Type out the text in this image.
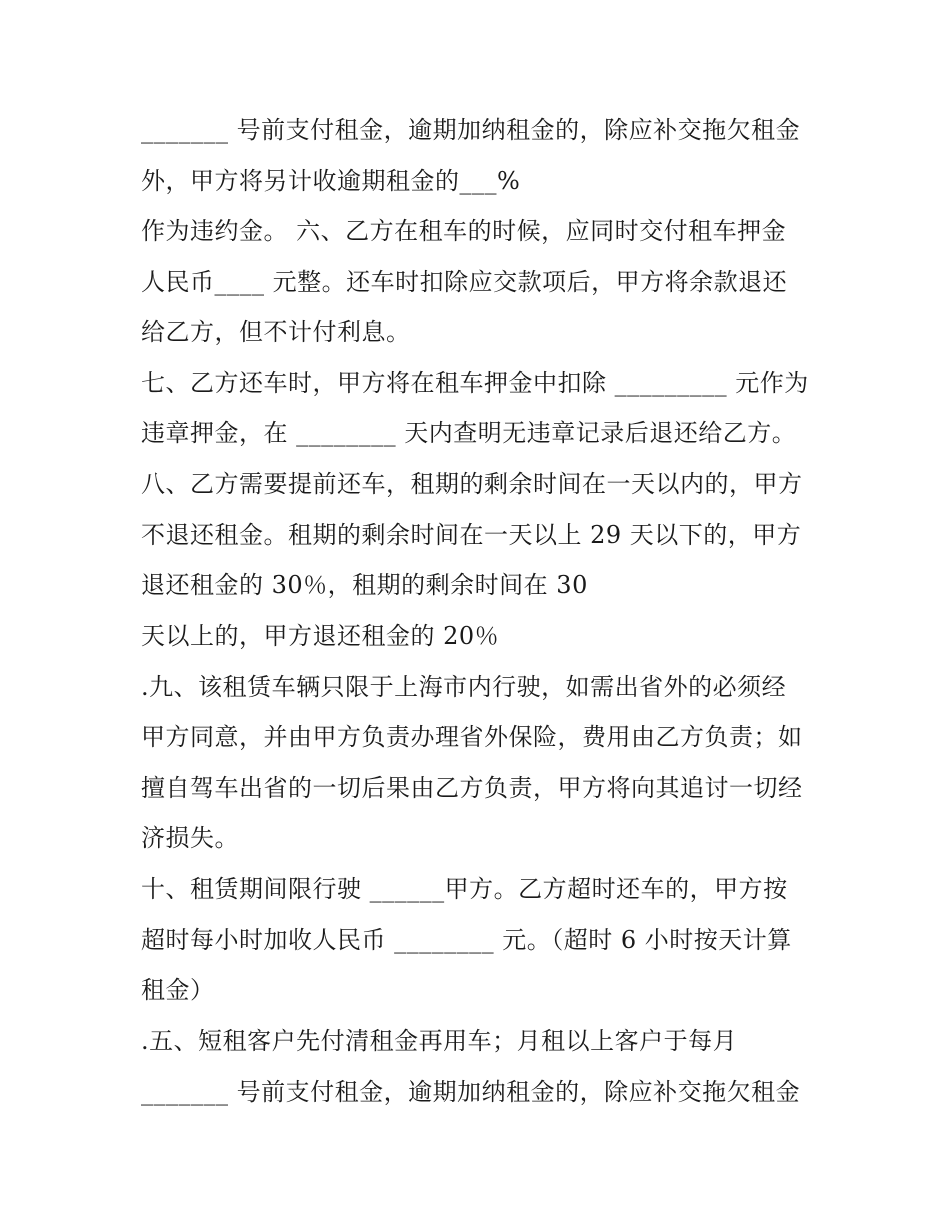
_______ 号前支付租金，逾期加纳租金的，除应补交拖欠租金
外，甲方将另计收逾期租金的___%
作为违约金。 六、乙方在租车的时候，应同时交付租车押金
人民币____ 元整。还车时扣除应交款项后，甲方将余款退还
给乙方，但不计付利息。
七、乙方还车时，甲方将在租车押金中扣除 _________ 元作为
违章押金，在 ________ 天内查明无违章记录后退还给乙方。
八、乙方需要提前还车，租期的剩余时间在一天以内的，甲方
不退还租金。租期的剩余时间在一天以上 29 天以下的，甲方
退还租金的 30％，租期的剩余时间在 30
天以上的，甲方退还租金的 20％
.九、该租赁车辆只限于上海市内行驶，如需出省外的必须经
甲方同意，并由甲方负责办理省外保险，费用由乙方负责；如
擅自驾车出省的一切后果由乙方负责，甲方将向其追讨一切经
济损失。
十、租赁期间限行驶 ______甲方。乙方超时还车的，甲方按
超时每小时加收人民币 ________ 元。（超时 6 小时按天计算
租金）
.五、短租客户先付清租金再用车；月租以上客户于每月
_______ 号前支付租金，逾期加纳租金的，除应补交拖欠租金
